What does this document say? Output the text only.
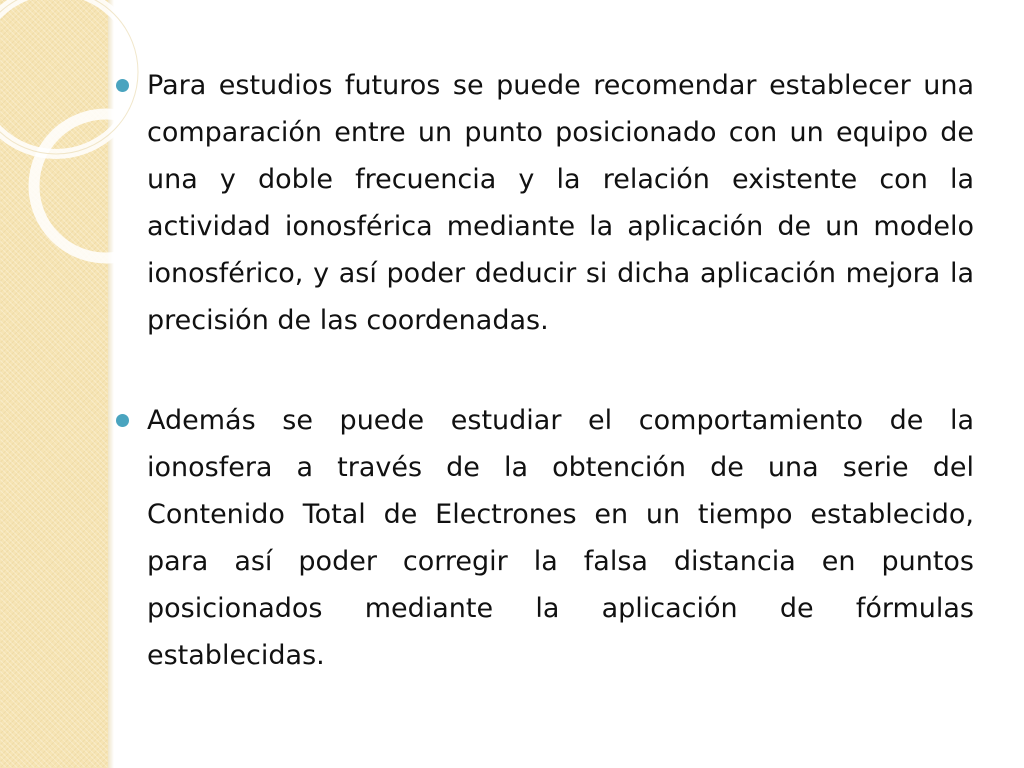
Para estudios futuros se puede recomendar establecer una comparación entre un punto posicionado con un equipo de una y doble frecuencia y la relación existente con la actividad ionosférica mediante la aplicación de un modelo ionosférico, y así poder deducir si dicha aplicación mejora la precisión de las coordenadas.
Además se puede estudiar el comportamiento de la ionosfera a través de la obtención de una serie del Contenido Total de Electrones en un tiempo establecido, para así poder corregir la falsa distancia en puntos posicionados mediante la aplicación de fórmulas establecidas.
